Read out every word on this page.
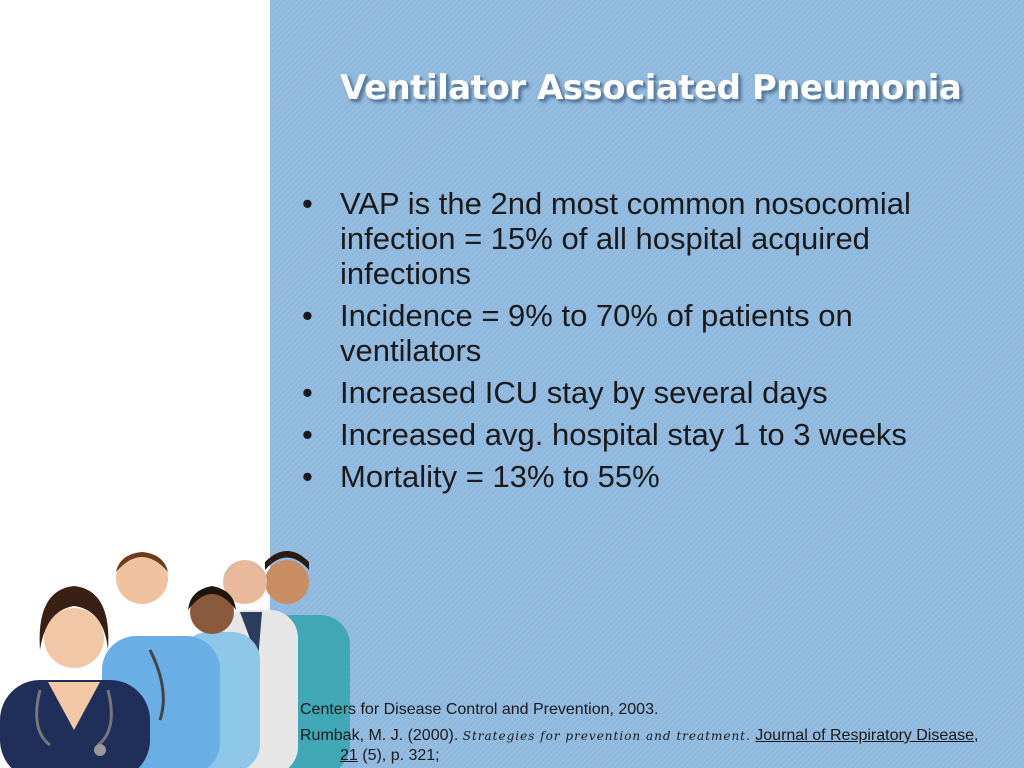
Ventilator Associated Pneumonia
• VAP is the 2nd most common nosocomial infection = 15% of all hospital acquired infections
• Incidence = 9% to 70% of patients on ventilators
• Increased ICU stay by several days
• Increased avg. hospital stay 1 to 3 weeks
• Mortality = 13% to 55%
Centers for Disease Control and Prevention, 2003.
Rumbak, M. J. (2000). Strategies for prevention and treatment. Journal of Respiratory Disease, 21 (5), p. 321;
